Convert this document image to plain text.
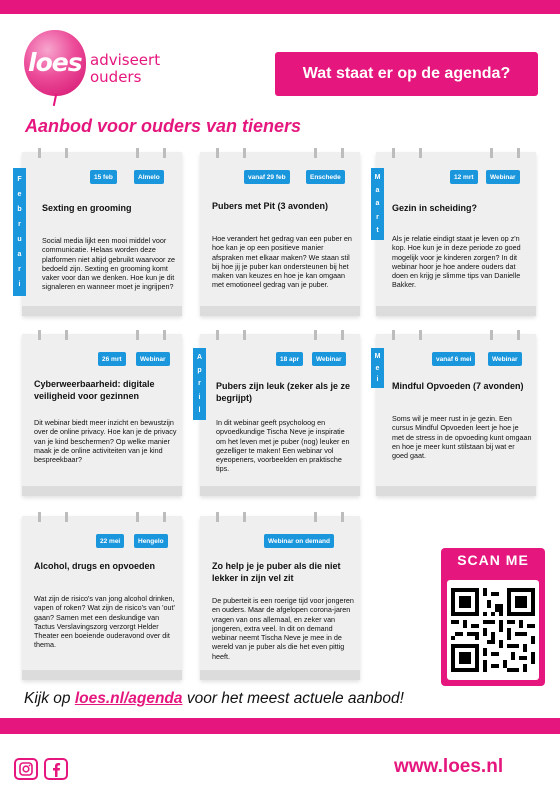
loes adviseert
ouders	Wat staat er op de agenda?
Aanbod voor ouders van tieners
15 feb	Almelo
Sexting en grooming
Social media lijkt een mooi middel voor communicatie. Helaas worden deze platformen niet altijd gebruikt waarvoor ze bedoeld zijn. Sexting en grooming komt vaker voor dan we denken. Hoe kun je dit signaleren en wanneer moet je ingrijpen?
F
e
b
r
u
a
r
i
vanaf 29 feb	Enschede
Pubers met Pit (3 avonden)
Hoe verandert het gedrag van een puber en hoe kan je op een positieve manier afspraken met elkaar maken? We staan stil bij hoe jij je puber kan ondersteunen bij het maken van keuzes en hoe je kan omgaan met emotioneel gedrag van je puber.
12 mrt	Webinar
Gezin in scheiding?
Als je relatie eindigt staat je leven op z'n kop. Hoe kun je in deze periode zo goed mogelijk voor je kinderen zorgen? In dit webinar hoor je hoe andere ouders dat doen en krijg je slimme tips van Danielle Bakker.
M
a
a
r
t
26 mrt	Webinar
Cyberweerbaarheid: digitale veiligheid voor gezinnen
Dit webinar biedt meer inzicht en bewustzijn over de online privacy. Hoe kan je de privacy van je kind beschermen? Op welke manier maak je de online activiteiten van je kind bespreekbaar?
18 apr	Webinar
Pubers zijn leuk (zeker als je ze begrijpt)
In dit webinar geeft psycholoog en opvoedkundige Tischa Neve je inspiratie om het leven met je puber (nog) leuker en gezelliger te maken! Een webinar vol eyeopeners, voorbeelden en praktische tips.
A
p
r
i
l
vanaf 6 mei	Webinar
Mindful Opvoeden (7 avonden)
Soms wil je meer rust in je gezin. Een cursus Mindful Opvoeden leert je hoe je met de stress in de opvoeding kunt omgaan en hoe je meer kunt stilstaan bij wat er goed gaat.
M
e
i
22 mei	Hengelo
Alcohol, drugs en opvoeden
Wat zijn de risico's van jong alcohol drinken, vapen of roken? Wat zijn de risico's van 'out' gaan? Samen met een deskundige van Tactus Verslavingszorg verzorgt Helder Theater een boeiende ouderavond over dit thema.
Webinar on demand
Zo help je je puber als die niet lekker in zijn vel zit
De puberteit is een roerige tijd voor jongeren en ouders. Maar de afgelopen corona-jaren vragen van ons allemaal, en zeker van jongeren, extra veel. In dit on demand webinar neemt Tischa Neve je mee in de wereld van je puber als die het even pittig heeft.
SCAN ME
Kijk op loes.nl/agenda voor het meest actuele aanbod!
www.loes.nl
